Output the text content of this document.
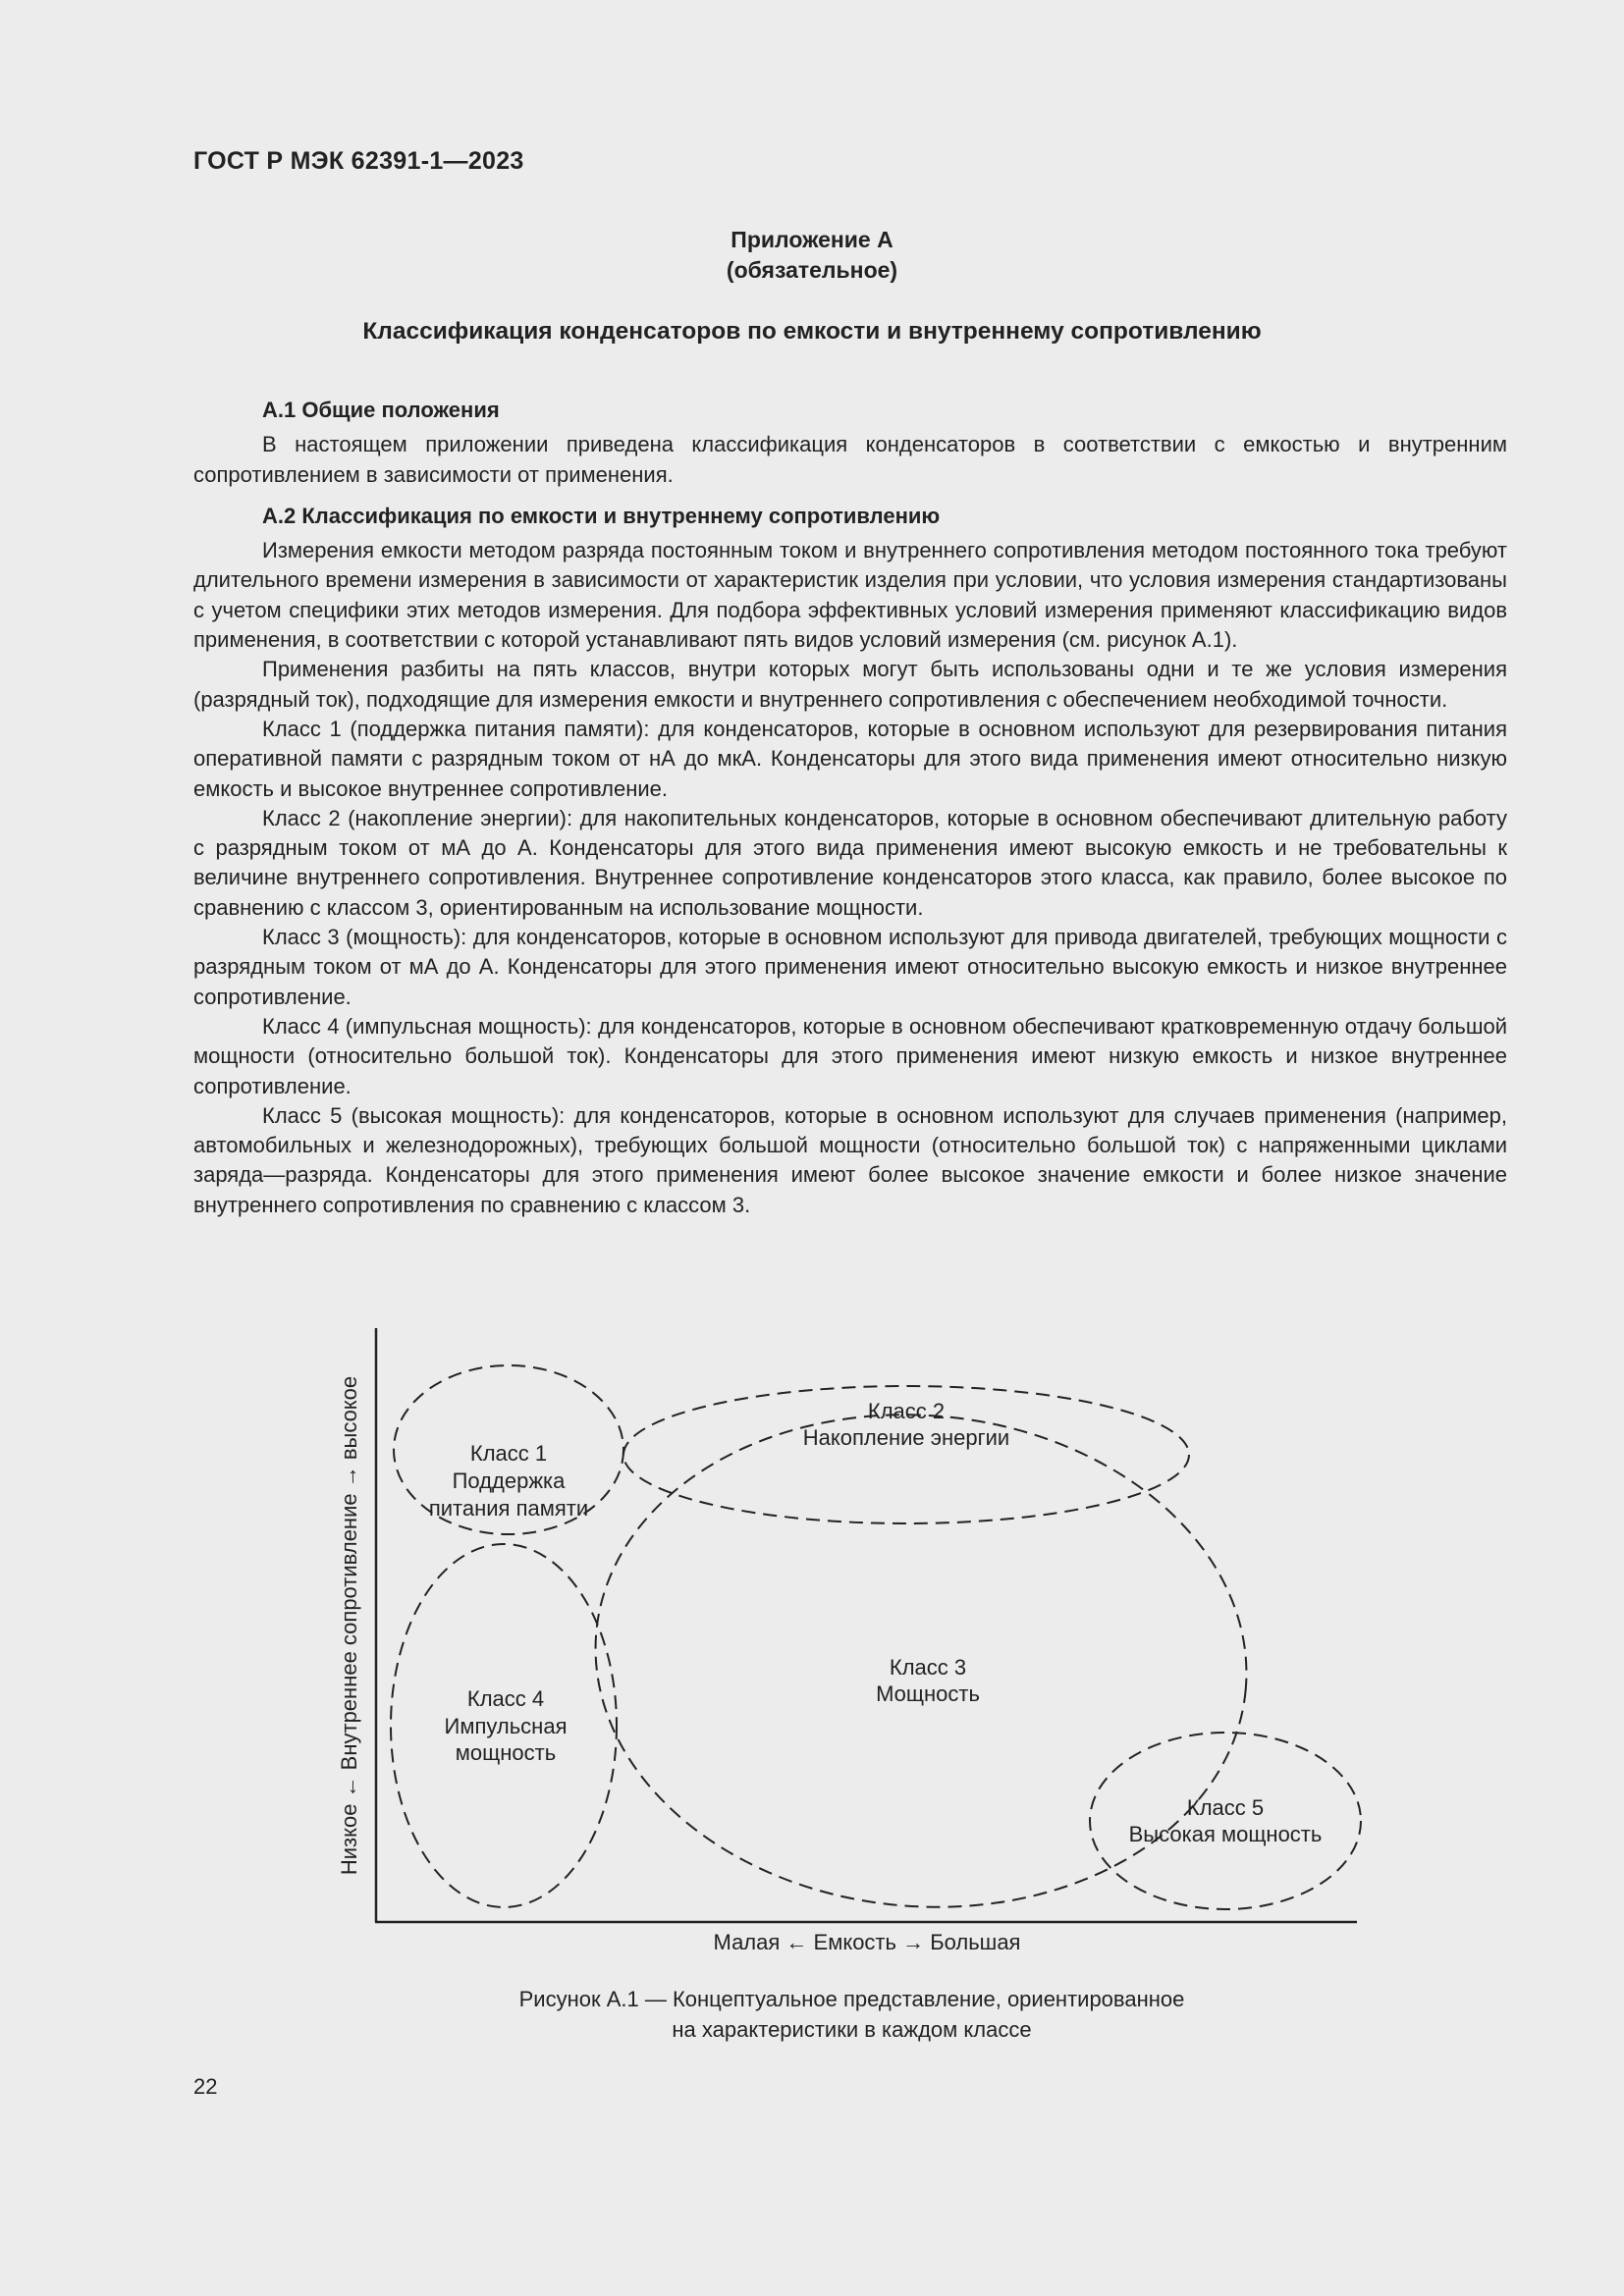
ГОСТ Р МЭК 62391-1—2023
Приложение А
(обязательное)
Классификация конденсаторов по емкости и внутреннему сопротивлению

А.1 Общие положения

В настоящем приложении приведена классификация конденсаторов в соответствии с емкостью и внутренним сопротивлением в зависимости от применения.

А.2 Классификация по емкости и внутреннему сопротивлению

Измерения емкости методом разряда постоянным током и внутреннего сопротивления методом постоянного тока требуют длительного времени измерения в зависимости от характеристик изделия при условии, что условия измерения стандартизованы с учетом специфики этих методов измерения. Для подбора эффективных условий измерения применяют классификацию видов применения, в соответствии с которой устанавливают пять видов условий измерения (см. рисунок А.1).

Применения разбиты на пять классов, внутри которых могут быть использованы одни и те же условия измерения (разрядный ток), подходящие для измерения емкости и внутреннего сопротивления с обеспечением необходимой точности.

Класс 1 (поддержка питания памяти): для конденсаторов, которые в основном используют для резервирования питания оперативной памяти с разрядным током от нА до мкА. Конденсаторы для этого вида применения имеют относительно низкую емкость и высокое внутреннее сопротивление.

Класс 2 (накопление энергии): для накопительных конденсаторов, которые в основном обеспечивают длительную работу с разрядным током от мА до А. Конденсаторы для этого вида применения имеют высокую емкость и не требовательны к величине внутреннего сопротивления. Внутреннее сопротивление конденсаторов этого класса, как правило, более высокое по сравнению с классом 3, ориентированным на использование мощности.

Класс 3 (мощность): для конденсаторов, которые в основном используют для привода двигателей, требующих мощности с разрядным током от мА до А. Конденсаторы для этого применения имеют относительно высокую емкость и низкое внутреннее сопротивление.

Класс 4 (импульсная мощность): для конденсаторов, которые в основном обеспечивают кратковременную отдачу большой мощности (относительно большой ток). Конденсаторы для этого применения имеют низкую емкость и низкое внутреннее сопротивление.

Класс 5 (высокая мощность): для конденсаторов, которые в основном используют для случаев применения (например, автомобильных и железнодорожных), требующих большой мощности (относительно большой ток) с напряженными циклами заряда—разряда. Конденсаторы для этого применения имеют более высокое значение емкости и более низкое значение внутреннего сопротивления по сравнению с классом 3.

Класс 1
Поддержка
питания памяти
Класс 2
Накопление энергии
Класс 3
Мощность
Класс 4
Импульсная
мощность
Класс 5
Высокая мощность
Малая ← Емкость → Большая
Низкое ← Внутреннее сопротивление → высокое
Рисунок А.1 — Концептуальное представление, ориентированное
на характеристики в каждом классе
22
